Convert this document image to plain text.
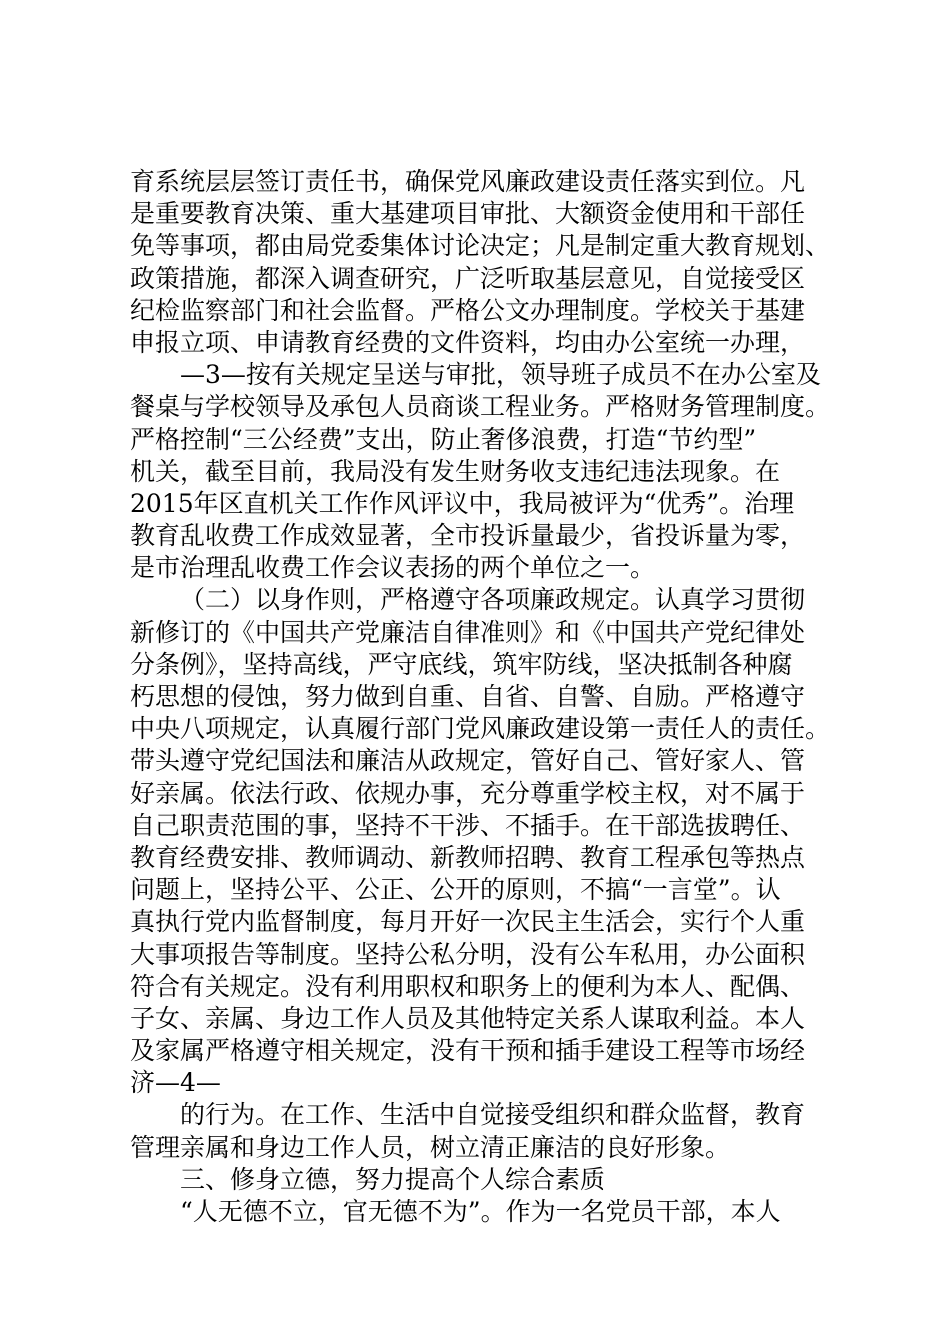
育系统层层签订责任书，确保党风廉政建设责任落实到位。凡
是重要教育决策、重大基建项目审批、大额资金使用和干部任
免等事项，都由局党委集体讨论决定；凡是制定重大教育规划、
政策措施，都深入调查研究，广泛听取基层意见，自觉接受区
纪检监察部门和社会监督。严格公文办理制度。学校关于基建
申报立项、申请教育经费的文件资料，均由办公室统一办理，
—3—按有关规定呈送与审批，领导班子成员不在办公室及
餐桌与学校领导及承包人员商谈工程业务。严格财务管理制度。
严格控制“三公经费”支出，防止奢侈浪费，打造“节约型”
机关，截至目前，我局没有发生财务收支违纪违法现象。在
2015年区直机关工作作风评议中，我局被评为“优秀”。治理
教育乱收费工作成效显著，全市投诉量最少，省投诉量为零，
是市治理乱收费工作会议表扬的两个单位之一。
（二）以身作则，严格遵守各项廉政规定。认真学习贯彻
新修订的《中国共产党廉洁自律准则》和《中国共产党纪律处
分条例》，坚持高线，严守底线，筑牢防线，坚决抵制各种腐
朽思想的侵蚀，努力做到自重、自省、自警、自励。严格遵守
中央八项规定，认真履行部门党风廉政建设第一责任人的责任。
带头遵守党纪国法和廉洁从政规定，管好自己、管好家人、管
好亲属。依法行政、依规办事，充分尊重学校主权，对不属于
自己职责范围的事，坚持不干涉、不插手。在干部选拔聘任、
教育经费安排、教师调动、新教师招聘、教育工程承包等热点
问题上，坚持公平、公正、公开的原则，不搞“一言堂”。认
真执行党内监督制度，每月开好一次民主生活会，实行个人重
大事项报告等制度。坚持公私分明，没有公车私用，办公面积
符合有关规定。没有利用职权和职务上的便利为本人、配偶、
子女、亲属、身边工作人员及其他特定关系人谋取利益。本人
及家属严格遵守相关规定，没有干预和插手建设工程等市场经
济—4—
的行为。在工作、生活中自觉接受组织和群众监督，教育
管理亲属和身边工作人员，树立清正廉洁的良好形象。
三、修身立德，努力提高个人综合素质
“人无德不立，官无德不为”。作为一名党员干部，本人
